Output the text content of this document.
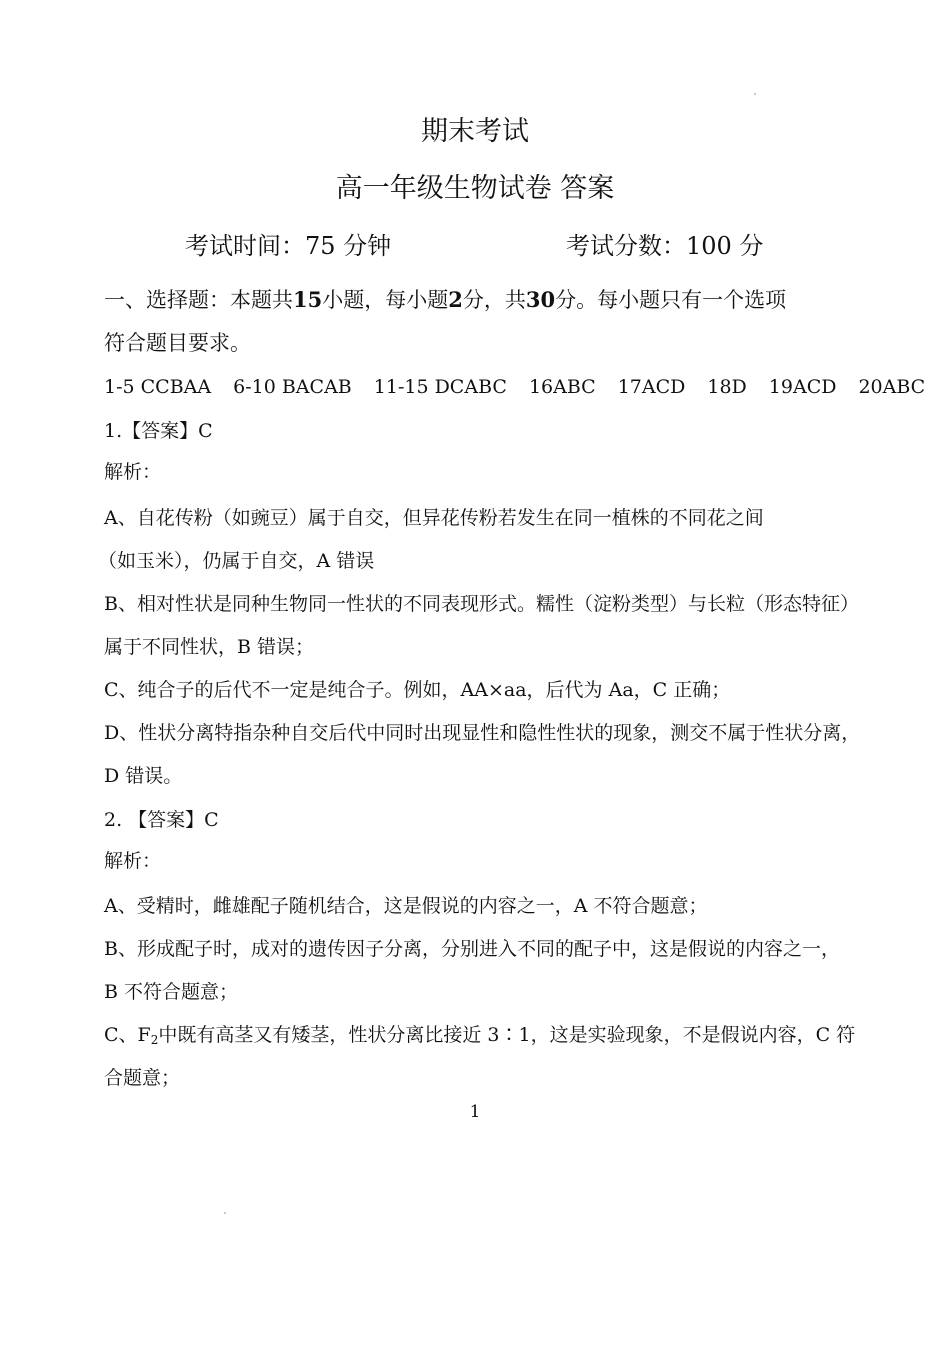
期末考试
高一年级生物试卷 答案
考试时间：75 分钟	考试分数：100 分
一、选择题：本题共15小题，每小题2分，共30分。每小题只有一个选项
符合题目要求。
1-5 CCBAA 6-10 BACAB 11-15 DCABC 16ABC 17ACD 18D 19ACD 20ABC
1.【答案】C
解析：
A、自花传粉（如豌豆）属于自交，但异花传粉若发生在同一植株的不同花之间
（如玉米），仍属于自交，A 错误
B、相对性状是同种生物同一性状的不同表现形式。糯性（淀粉类型）与长粒（形态特征）
属于不同性状，B 错误；
C、纯合子的后代不一定是纯合子。例如，AA×aa，后代为 Aa，C 正确；
D、性状分离特指杂种自交后代中同时出现显性和隐性性状的现象，测交不属于性状分离，
D 错误。
2. 【答案】C
解析：
A、受精时，雌雄配子随机结合，这是假说的内容之一，A 不符合题意；
B、形成配子时，成对的遗传因子分离，分别进入不同的配子中，这是假说的内容之一，
B 不符合题意；
C、$F_2$中既有高茎又有矮茎，性状分离比接近 3∶1，这是实验现象，不是假说内容，C 符
合题意；
1
